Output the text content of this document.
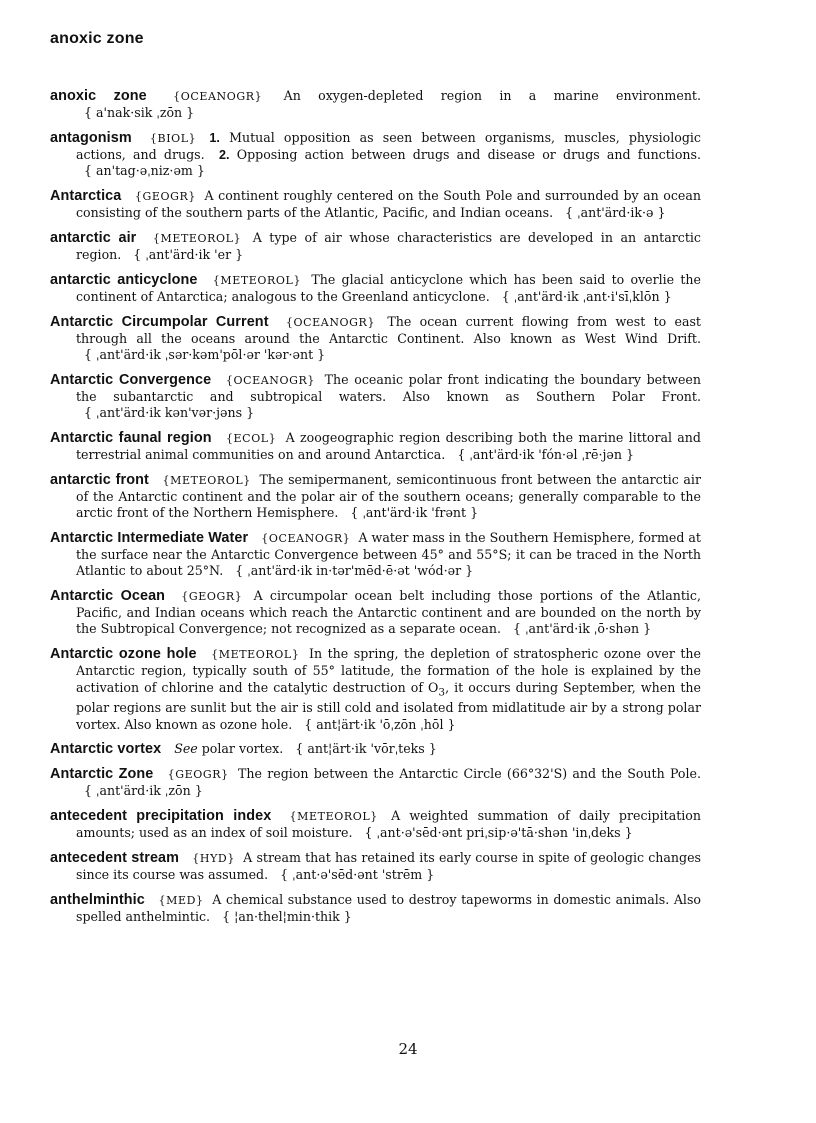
anoxic zone

anoxic zone	{ OCEANOGR } An oxygen-depleted region in a marine environment. { a'nak·sik ˌzōn }

antagonism { BIOL } 1. Mutual opposition as seen between organisms, muscles, physiologic actions, and drugs. 2. Opposing action between drugs and disease or drugs and functions. { an'tag·əˌniz·əm }

Antarctica { GEOGR } A continent roughly centered on the South Pole and surrounded by an ocean consisting of the southern parts of the Atlantic, Pacific, and Indian oceans. { ˌant'ärd·ik·ə }

antarctic air { METEOROL } A type of air whose characteristics are developed in an antarctic region. { ˌant'ärd·ik 'er }

antarctic anticyclone { METEOROL } The glacial anticyclone which has been said to overlie the continent of Antarctica; analogous to the Greenland anticyclone. { ˌant'ärd·ik ˌant·i'sīˌklōn }

Antarctic Circumpolar Current { OCEANOGR } The ocean current flowing from west to east through all the oceans around the Antarctic Continent. Also known as West Wind Drift. { ˌant'ärd·ik ˌsər·kəm'pōl·ər 'kər·ənt }

Antarctic Convergence { OCEANOGR } The oceanic polar front indicating the boundary between the subantarctic and subtropical waters. Also known as Southern Polar Front. { ˌant'ärd·ik kən'vər·jəns }

Antarctic faunal region { ECOL } A zoogeographic region describing both the marine littoral and terrestrial animal communities on and around Antarctica. { ˌant'ärd·ik 'fón·əl ˌrē·jən }

antarctic front { METEOROL } The semipermanent, semicontinuous front between the antarctic air of the Antarctic continent and the polar air of the southern oceans; generally comparable to the arctic front of the Northern Hemisphere. { ˌant'ärd·ik 'frənt }

Antarctic Intermediate Water { OCEANOGR } A water mass in the Southern Hemisphere, formed at the surface near the Antarctic Convergence between 45° and 55°S; it can be traced in the North Atlantic to about 25°N. { ˌant'ärd·ik in·tər'mēd·ē·ət 'wód·ər }

Antarctic Ocean { GEOGR } A circumpolar ocean belt including those portions of the Atlantic, Pacific, and Indian oceans which reach the Antarctic continent and are bounded on the north by the Subtropical Convergence; not recognized as a separate ocean. { ˌant'ärd·ik ˌō·shən }

Antarctic ozone hole { METEOROL } In the spring, the depletion of stratospheric ozone over the Antarctic region, typically south of 55° latitude, the formation of the hole is explained by the activation of chlorine and the catalytic destruction of $O_3$, it occurs during September, when the polar regions are sunlit but the air is still cold and isolated from midlatitude air by a strong polar vortex. Also known as ozone hole. { ant¦ärt·ik 'ōˌzōn ˌhōl }

Antarctic vortex See polar vortex. { ant¦ärt·ik 'vōrˌteks }

Antarctic Zone { GEOGR } The region between the Antarctic Circle (66°32'S) and the South Pole. { ˌant'ärd·ik ˌzōn }

antecedent precipitation index { METEOROL } A weighted summation of daily precipitation amounts; used as an index of soil moisture. { ˌant·ə'sēd·ənt priˌsip·ə'tā·shən 'inˌdeks }

antecedent stream { HYD } A stream that has retained its early course in spite of geologic changes since its course was assumed. { ˌant·ə'sēd·ənt 'strēm }

anthelminthic { MED } A chemical substance used to destroy tapeworms in domestic animals. Also spelled anthelmintic. { ¦an·thel¦min·thik }

24
